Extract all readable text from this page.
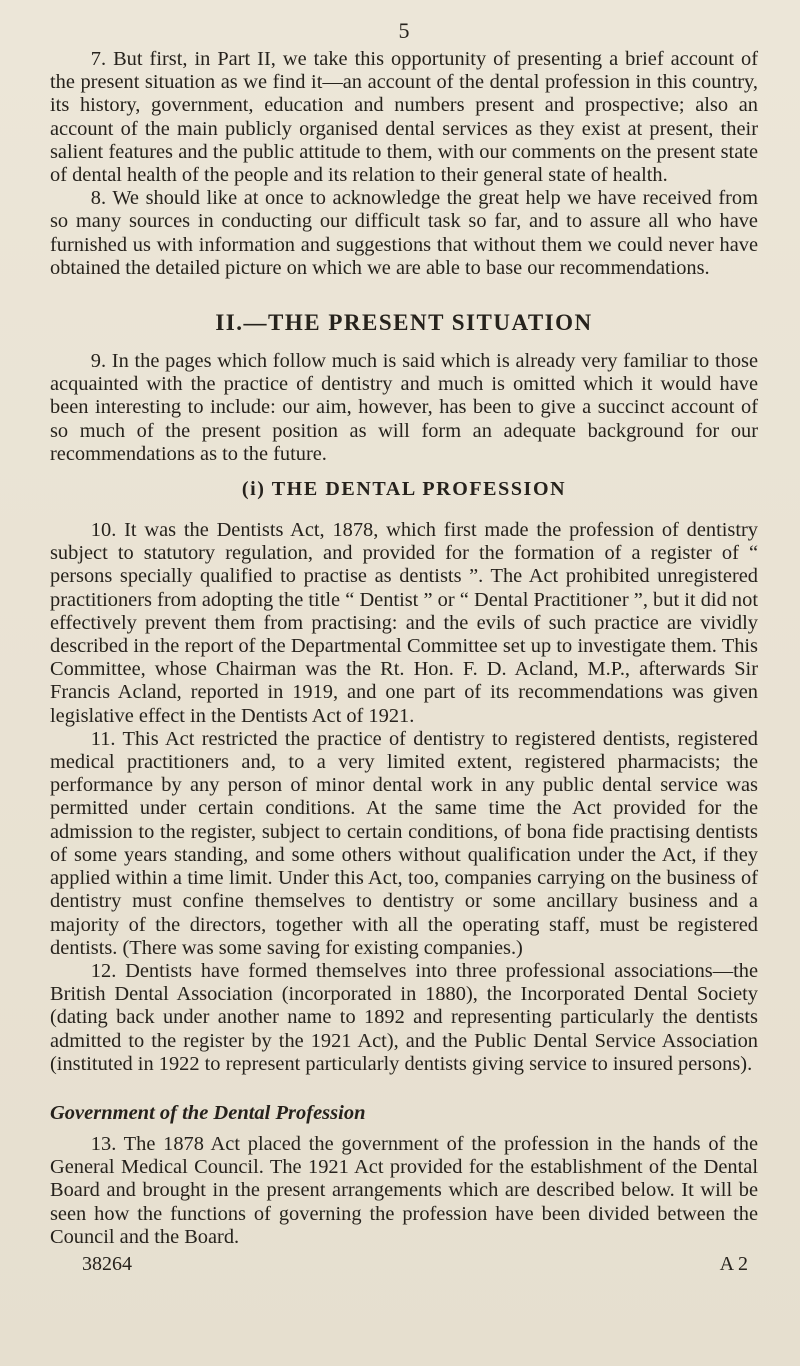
5

7. But first, in Part II, we take this opportunity of presenting a brief account of the present situation as we find it—an account of the dental profession in this country, its history, government, education and numbers present and prospective; also an account of the main publicly organised dental services as they exist at present, their salient features and the public attitude to them, with our comments on the present state of dental health of the people and its relation to their general state of health.

8. We should like at once to acknowledge the great help we have received from so many sources in conducting our difficult task so far, and to assure all who have furnished us with information and suggestions that without them we could never have obtained the detailed picture on which we are able to base our recommendations.

II.—THE PRESENT SITUATION

9. In the pages which follow much is said which is already very familiar to those acquainted with the practice of dentistry and much is omitted which it would have been interesting to include: our aim, however, has been to give a succinct account of so much of the present position as will form an adequate background for our recommendations as to the future.

(i) THE DENTAL PROFESSION

10. It was the Dentists Act, 1878, which first made the profession of dentistry subject to statutory regulation, and provided for the formation of a register of “ persons specially qualified to practise as dentists ”. The Act prohibited unregistered practitioners from adopting the title “ Dentist ” or “ Dental Practitioner ”, but it did not effectively prevent them from practising: and the evils of such practice are vividly described in the report of the Departmental Committee set up to investigate them. This Committee, whose Chairman was the Rt. Hon. F. D. Acland, M.P., afterwards Sir Francis Acland, reported in 1919, and one part of its recommendations was given legislative effect in the Dentists Act of 1921.

11. This Act restricted the practice of dentistry to registered dentists, registered medical practitioners and, to a very limited extent, registered pharmacists; the performance by any person of minor dental work in any public dental service was permitted under certain conditions. At the same time the Act provided for the admission to the register, subject to certain conditions, of bona fide practising dentists of some years standing, and some others without qualification under the Act, if they applied within a time limit. Under this Act, too, companies carrying on the business of dentistry must confine themselves to dentistry or some ancillary business and a majority of the directors, together with all the operating staff, must be registered dentists. (There was some saving for existing companies.)

12. Dentists have formed themselves into three professional associations—the British Dental Association (incorporated in 1880), the Incorporated Dental Society (dating back under another name to 1892 and representing particularly the dentists admitted to the register by the 1921 Act), and the Public Dental Service Association (instituted in 1922 to represent particularly dentists giving service to insured persons).

Government of the Dental Profession

13. The 1878 Act placed the government of the profession in the hands of the General Medical Council. The 1921 Act provided for the establishment of the Dental Board and brought in the present arrangements which are described below. It will be seen how the functions of governing the profession have been divided between the Council and the Board.

38264	A 2
